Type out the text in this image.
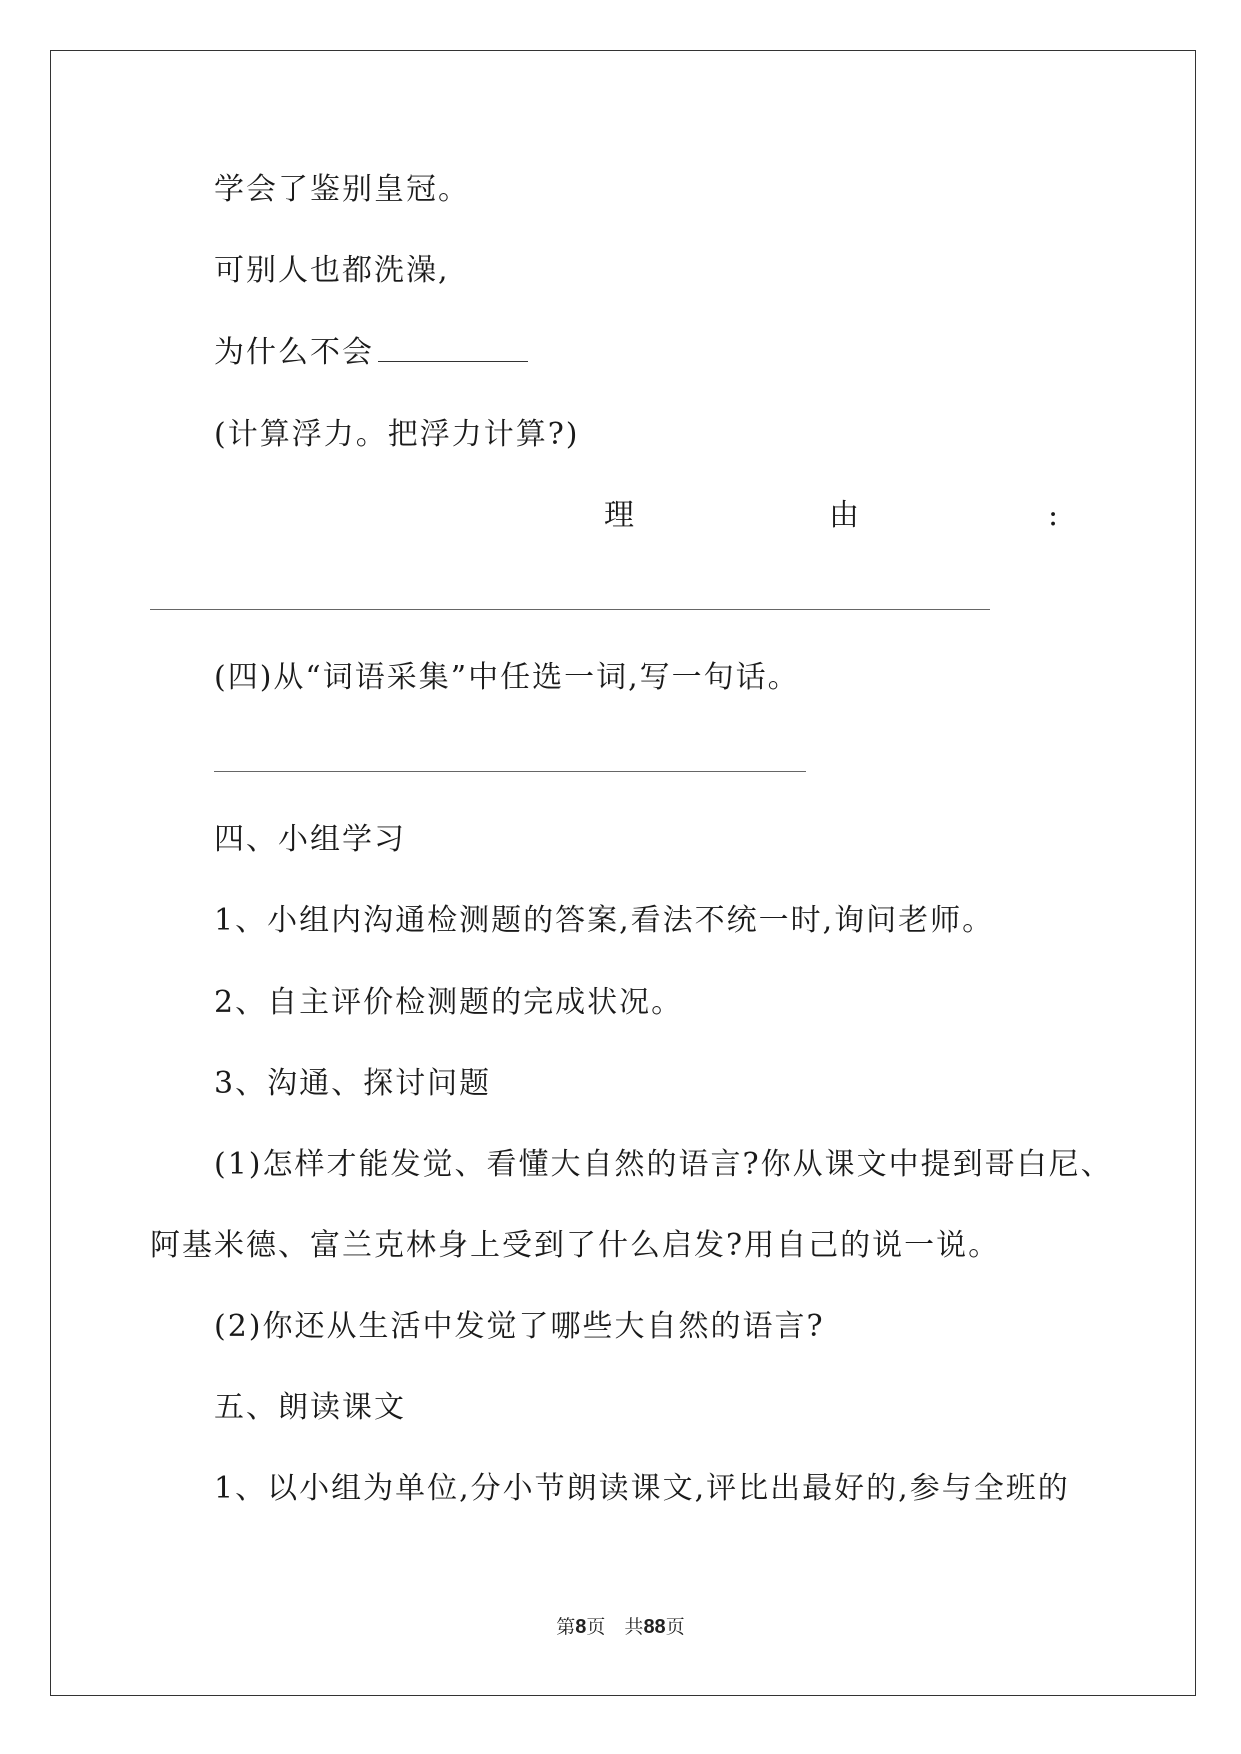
学会了鉴别皇冠。
可别人也都洗澡,
为什么不会
(计算浮力。把浮力计算?)
理	由	:
(四)从“词语采集”中任选一词,写一句话。
四、小组学习
1、小组内沟通检测题的答案,看法不统一时,询问老师。
2、自主评价检测题的完成状况。
3、沟通、探讨问题
(1)怎样才能发觉、看懂大自然的语言?你从课文中提到哥白尼、
阿基米德、富兰克林身上受到了什么启发?用自己的说一说。
(2)你还从生活中发觉了哪些大自然的语言?
五、朗读课文
1、以小组为单位,分小节朗读课文,评比出最好的,参与全班的
第8页　共88页
